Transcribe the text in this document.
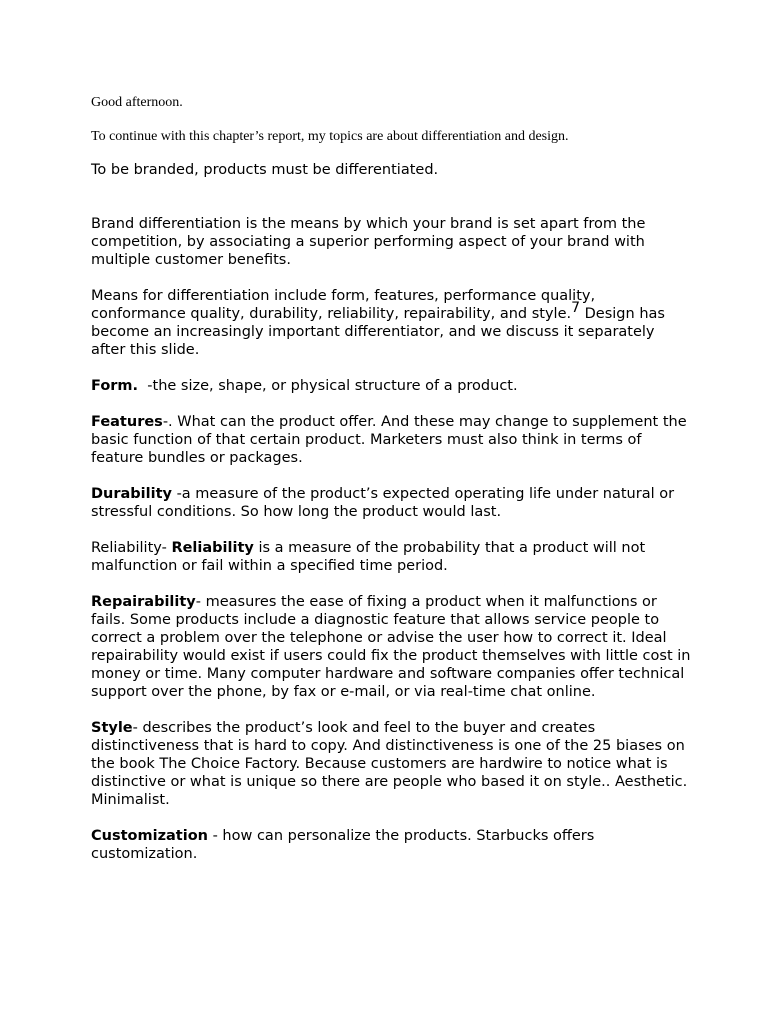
Good afternoon.

To continue with this chapter’s report, my topics are about differentiation and design.

To be branded, products must be differentiated.

Brand differentiation is the means by which your brand is set apart from the competition, by associating a superior performing aspect of your brand with multiple customer benefits.

Means for differentiation include form, features, performance quality, conformance quality, durability, reliability, repairability, and style.$^7$ Design has become an increasingly important differentiator, and we discuss it separately after this slide.

Form.  -the size, shape, or physical structure of a product.

Features-. What can the product offer. And these may change to supplement the basic function of that certain product. Marketers must also think in terms of feature bundles or packages.

Durability -a measure of the product’s expected operating life under natural or stressful conditions. So how long the product would last.

Reliability- Reliability is a measure of the probability that a product will not malfunction or fail within a specified time period.

Repairability- measures the ease of fixing a product when it malfunctions or fails. Some products include a diagnostic feature that allows service people to correct a problem over the telephone or advise the user how to correct it. Ideal repairability would exist if users could fix the product themselves with little cost in money or time. Many computer hardware and software companies offer technical support over the phone, by fax or e-mail, or via real-time chat online.

Style- describes the product’s look and feel to the buyer and creates distinctiveness that is hard to copy. And distinctiveness is one of the 25 biases on the book The Choice Factory. Because customers are hardwire to notice what is distinctive or what is unique so there are people who based it on style.. Aesthetic. Minimalist.

Customization - how can personalize the products. Starbucks offers customization.
